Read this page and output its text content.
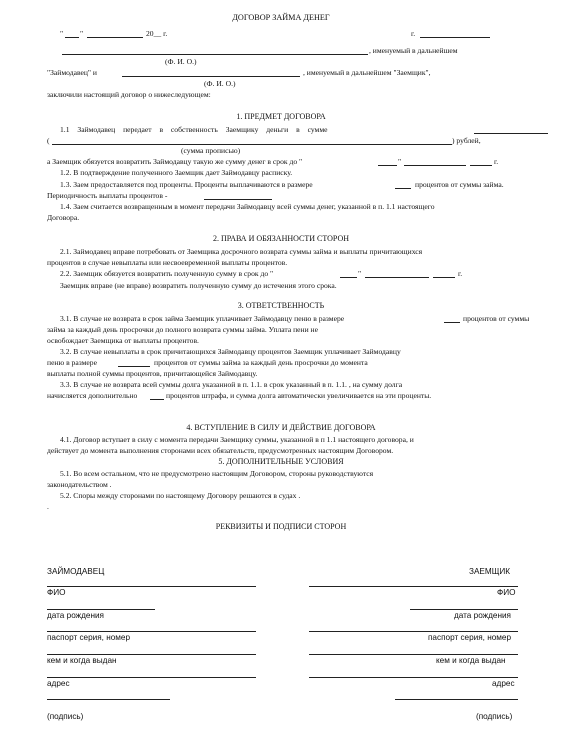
ДОГОВОР ЗАЙМА ДЕНЕГ
" "	20__ г.	г.
, именуемый в дальнейшем
(Ф. И. О.)
"Займодавец" и	, именуемый в дальнейшем "Заемщик",
(Ф. И. О.)
заключили настоящий договор о нижеследующем:
1. ПРЕДМЕТ ДОГОВОРА
1.1 Займодавец передает в собственность Заемщику деньги в сумме
(	) рублей,
(сумма прописью)
а Заемщик обязуется возвратить Займодавцу такую же сумму денег в срок до "	"	г.
1.2. В подтверждение полученного Заемщик дает Займодавцу расписку.
1.3. Заем предоставляется под проценты. Проценты выплачиваются в размере	процентов от суммы займа.
Периодичность выплаты процентов -
1.4. Заем считается возвращенным в момент передачи Займодавцу всей суммы денег, указанной в п. 1.1 настоящего
Договора.
2. ПРАВА И ОБЯЗАННОСТИ СТОРОН
2.1. Займодавец вправе потребовать от Заемщика досрочного возврата суммы займа и выплаты причитающихся
процентов в случае невыплаты или несвоевременной выплаты процентов.
2.2. Заемщик обязуется возвратить полученную сумму в срок до "	"	г.
Заемщик вправе (не вправе) возвратить полученную сумму до истечения этого срока.
3. ОТВЕТСТВЕННОСТЬ
3.1. В случае не возврата в срок займа Заемщик уплачивает Займодавцу пеню в размере	процентов от суммы
займа за каждый день просрочки до полного возврата суммы займа. Уплата пени не
освобождает Заемщика от выплаты процентов.
3.2. В случае невыплаты в срок причитающихся Займодавцу процентов Заемщик уплачивает Займодавцу
пеню в размере	процентов от суммы займа за каждый день просрочки до момента
выплаты полной суммы процентов, причитающейся Займодавцу.
3.3. В случае не возврата всей суммы долга указанной в п. 1.1. в срок указанный в п. 1.1. , на сумму долга
начисляется дополнительно	процентов штрафа, и сумма долга автоматически увеличивается на эти проценты.
4. ВСТУПЛЕНИЕ В СИЛУ И ДЕЙСТВИЕ ДОГОВОРА
4.1. Договор вступает в силу с момента передачи Заемщику суммы, указанной в п 1.1 настоящего договора, и
действует до момента выполнения сторонами всех обязательств, предусмотренных настоящим Договором.
5. ДОПОЛНИТЕЛЬНЫЕ УСЛОВИЯ
5.1. Во всем остальном, что не предусмотрено настоящим Договором, стороны руководствуются
законодательством .
5.2. Споры между сторонами по настоящему Договору решаются в судах .
.
РЕКВИЗИТЫ И ПОДПИСИ СТОРОН
ЗАЙМОДАВЕЦ	ЗАЕМЩИК
ФИО	ФИО
дата рождения	дата рождения
паспорт серия, номер	паспорт серия, номер
кем и когда выдан	кем и когда выдан
адрес	адрес
(подпись)	(подпись)
